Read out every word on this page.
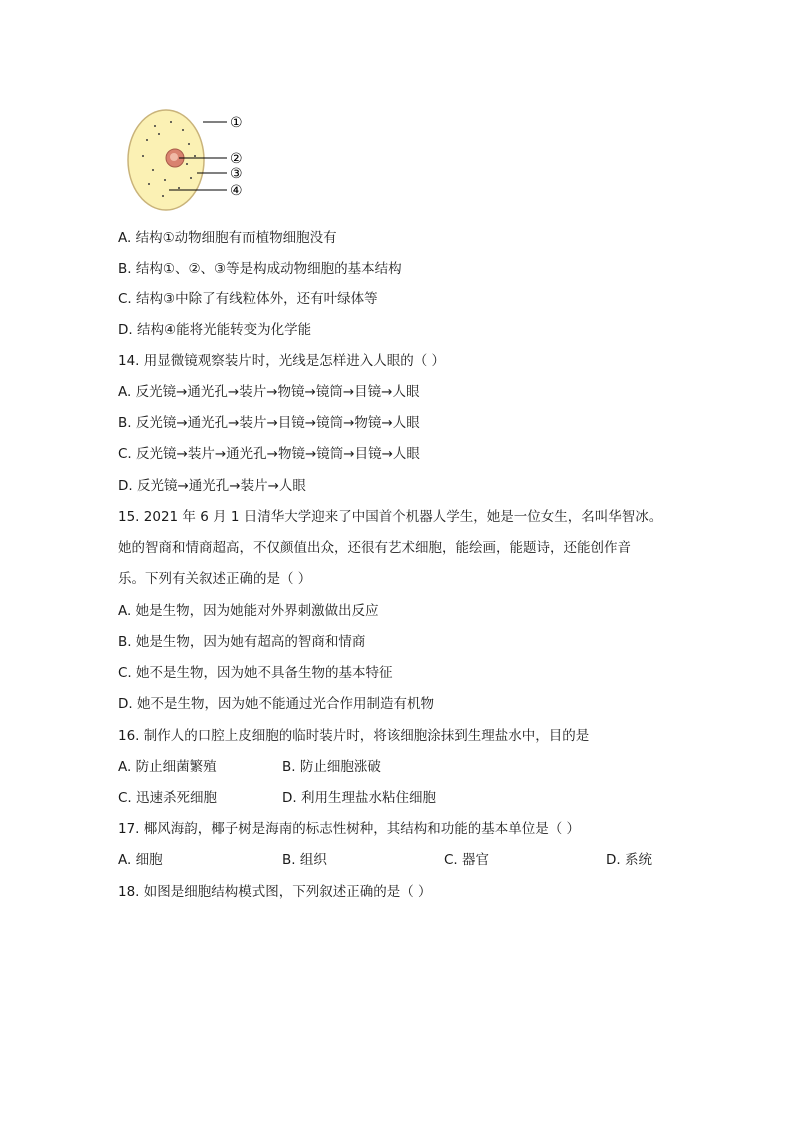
①
②
③
④
A. 结构①动物细胞有而植物细胞没有
B. 结构①、②、③等是构成动物细胞的基本结构
C. 结构③中除了有线粒体外，还有叶绿体等
D. 结构④能将光能转变为化学能
14. 用显微镜观察装片时，光线是怎样进入人眼的（ ）
A. 反光镜→通光孔→装片→物镜→镜筒→目镜→人眼
B. 反光镜→通光孔→装片→目镜→镜筒→物镜→人眼
C. 反光镜→装片→通光孔→物镜→镜筒→目镜→人眼
D. 反光镜→通光孔→装片→人眼
15. 2021 年 6 月 1 日清华大学迎来了中国首个机器人学生，她是一位女生，名叫华智冰。
她的智商和情商超高，不仅颜值出众，还很有艺术细胞，能绘画，能题诗，还能创作音
乐。下列有关叙述正确的是（ ）
A. 她是生物，因为她能对外界刺激做出反应
B. 她是生物，因为她有超高的智商和情商
C. 她不是生物，因为她不具备生物的基本特征
D. 她不是生物，因为她不能通过光合作用制造有机物
16. 制作人的口腔上皮细胞的临时装片时，将该细胞涂抹到生理盐水中，目的是
A. 防止细菌繁殖	B. 防止细胞涨破
C. 迅速杀死细胞	D. 利用生理盐水粘住细胞
17. 椰风海韵，椰子树是海南的标志性树种，其结构和功能的基本单位是（ ）
A. 细胞	B. 组织	C. 器官	D. 系统
18. 如图是细胞结构模式图，下列叙述正确的是（ ）
